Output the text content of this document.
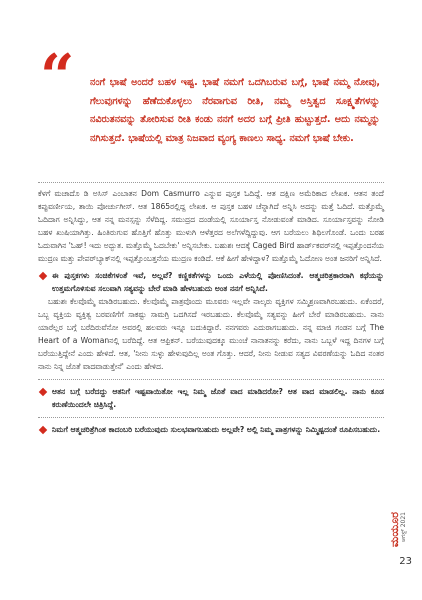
“ ನಂಗೆ ಭಾಷೆ ಅಂದರೆ ಬಹಳ ಇಷ್ಟ. ಭಾಷೆ ನಮಗೆ ಒದಗಿಬರುವ ಬಗ್ಗೆ, ಭಾಷೆ ನಮ್ಮ ನೋವು, ಗೆಲುವುಗಳನ್ನು ಹೆಣೆದುಕೊಳ್ಳಲು ನೆರವಾಗುವ ರೀತಿ, ನಮ್ಮ ಅಸ್ತಿತ್ವದ ಸೂಕ್ಷ್ಮತೆಗಳನ್ನು ನವಿರುತನವನ್ನು ತೋರಿಸುವ ರೀತಿ ಕಂಡು ನನಗೆ ಅದರ ಬಗ್ಗೆ ಪ್ರೀತಿ ಹುಟ್ಟುತ್ತದೆ. ಆದು ನಮ್ಮನ್ನು ನಗಿಸುತ್ತದೆ. ಭಾಷೆಯಲ್ಲಿ ಮಾತ್ರ ನಿಜವಾದ ವ್ಯಂಗ್ಯ ಕಾಣಲು ಸಾಧ್ಯ. ನಮಗೆ ಭಾಷೆ ಬೇಕು.

ಕೆಳಗೆ ಮಚಾದೊ ಡಿ ಅಸಿಸ್ ಎಂಬಾತನ Dom Casmurro ಎನ್ನುವ ಪುಸ್ತಕ ಓದಿದ್ದೆ. ಆತ ದಕ್ಷಿಣ ಅಮೆರಿಕಾದ ಲೇಖಕ. ಆತನ ತಂದೆ ಕಪ್ಪುವರ್ಣೀಯ, ತಾಯಿ ಪೋರ್ಚುಗೀಸ್. ಆತ 1865ರಲ್ಲಿದ್ದ ಲೇಖಕ. ಆ ಪುಸ್ತಕ ಬಹಳ ಚೆನ್ನಾಗಿದೆ ಅನ್ನಿಸಿ ಅದನ್ನು ಮತ್ತೆ ಓದಿದೆ. ಮತ್ತೊಮ್ಮೆ ಓದಿದಾಗ ಅನ್ನಿಸಿದ್ದು, ಆತ ನನ್ನ ಮನಸ್ಸನ್ನು ಸೆಳೆದಿದ್ದ. ಸಮುದ್ರದ ದಂಡೆಯಲ್ಲಿ ಸೂರ್ಯಾಸ್ತ ನೋಡುವಂತೆ ಮಾಡಿದ. ಸೂರ್ಯಾಸ್ತವನ್ನು ನೋಡಿ ಬಹಳ ಖುಷಿಯಾಗಿತ್ತು. ಹಿಂತಿರುಗುವ ಹೊತ್ತಿಗೆ ಹೊತ್ತು ಮುಳುಗಿ ಆಳೆತ್ತರದ ಅಲೆಗಳೆದ್ದಿದ್ದುವು. ಆಗ ಬರೆಯಲು ಶಿಥಿಲಗೊಂಡೆ. ಒಂದು ಬರಹ ಓದುವಾಗಿನ 'ಓಹ್! ಇದು ಅದ್ಭುತ. ಮತ್ತೊಮ್ಮೆ ಓದಬೇಕು' ಅನ್ನಿಸಬೇಕು. ಬಹುಶಃ ಆದಕ್ಕೆ Caged Bird ಹಾರ್ಡ್‌ಕವರ್‌ನಲ್ಲಿ ಇಪ್ಪತ್ತೊಂದನೆಯ ಮುದ್ರಣ ಮತ್ತು ಪೇಪರ್‌ಬ್ಯಾಕ್‌ನಲ್ಲಿ ಇಪ್ಪತ್ತೊಂಬತ್ತನೆಯ ಮುದ್ರಣ ಕಂಡಿದೆ. ಆಕೆ ಹೀಗೆ ಹೇಳಿದ್ದಾಳ? ಮತ್ತೊಮ್ಮೆ ಓದೋಣ ಅಂತ ಜನರಿಗೆ ಅನ್ನಿಸಿದೆ.

ಈ ಪುಸ್ತಕಗಳು ಸಂಚಿಕೆಗಳಂತೆ ಇವೆ, ಅಲ್ಲವೆ? ಕಣ್ಣಿಕತೆಗಳನ್ನು ಒಂದು ಎಳೆಯಲ್ಲಿ ಪೋಣಿಸಿದಂತೆ. ಆತ್ಮಚರಿತ್ರಕಾರರಾಗಿ ಕಥೆಯನ್ನು ಉತ್ತಮಗೊಳಿಸುವ ಸಲುವಾಗಿ ಸತ್ಯವನ್ನು ಬೇರೆ ಮಾಡಿ ಹೇಳಬಹುದು ಅಂತ ನನಗೆ ಅನ್ನಿಸಿದೆ.

ಬಹುಶಃ ಕೆಲವೊಮ್ಮೆ ಮಾಡಿರಬಹುದು. ಕೆಲವೊಮ್ಮೆ ಪಾತ್ರವೊಂದು ಮೂವರು ಇಲ್ಲವೇ ನಾಲ್ಕರು ವ್ಯಕ್ತಿಗಳ ಸಮ್ಮಿಶ್ರಣವಾಗಿರಬಹುದು. ಏಕೆಂದರೆ, ಒಬ್ಬ ವ್ಯಕ್ತಿಯ ವ್ಯಕ್ತಿತ್ವ ಬರವಣಿಗೆಗೆ ಸಾಕಷ್ಟು ಸಾಮಗ್ರಿ ಒದಗಿಸದೆ ಇರಬಹುದು. ಕೆಲವೊಮ್ಮೆ ಸತ್ಯವನ್ನು ಹೀಗೆ ಬೇರೆ ಮಾಡಿರಬಹುದು. ನಾನು ಯಾರೆಲ್ಲರ ಬಗ್ಗೆ ಬರೆದಿರುವೆನೋ ಅವರಲ್ಲಿ ಹಲವರು ಇನ್ನೂ ಬದುಕಿದ್ದಾರೆ. ನನಗವರು ಎದುರಾಗಬಹುದು. ನನ್ನ ಮಾಜಿ ಗಂಡನ ಬಗ್ಗೆ The Heart of a Womanನಲ್ಲಿ ಬರೆದಿದ್ದೆ. ಆತ ಆಫ್ರಿಕನ್. ಬರೆಯುವುದಕ್ಕೂ ಮುಂಚೆ ನಾನಾತನನ್ನು ಕರೆದು, ನಾನು ಒಬ್ಬಳೆ ಇದ್ದ ದಿನಗಳ ಬಗ್ಗೆ ಬರೆಯುತ್ತಿದ್ದೇನೆ ಎಂದು ಹೇಳಿದೆ. ಆತ, 'ನೀನು ಸುಳ್ಳು ಹೇಳುವುದಿಲ್ಲ ಅಂತ ಗೊತ್ತು. ಆದರೆ, ನೀನು ನೀಡುವ ಸತ್ಯದ ವಿವರಣೆಯನ್ನು ಓದಿದ ನಂತರ ನಾನು ನಿನ್ನ ಜೊತೆ ವಾದವಾಡುತ್ತೇನೆ' ಎಂದು ಹೇಳಿದ.

ಆತನ ಬಗ್ಗೆ ಬರೆದದ್ದು ಆತನಿಗೆ ಇಷ್ಟವಾಯಿತೋ ಇಲ್ಲ ನಿಮ್ಮ ಜೊತೆ ವಾದ ಮಾಡಿದರೋ? ಆತ ವಾದ ಮಾಡಲಿಲ್ಲ. ನಾನು ಕೂಡ ಕರುಣೆಯಿಂದಲೇ ಚಿತ್ರಿಸಿದ್ದೆ.

ನಿಮಗೆ ಆತ್ಮಚರಿತ್ರೆಗಿಂತ ಕಾದಂಬರಿ ಬರೆಯುವುದು ಸುಲಭವಾಗಬಹುದು ಅಲ್ಲವೇ? ಅಲ್ಲಿ ನಿಮ್ಮ ಪಾತ್ರಗಳನ್ನು ನಿಮ್ಮಿಷ್ಟದಂತೆ ರೂಪಿಸಬಹುದು.

ಮಯೂರ ಆಗಸ್ಟ್ 2021
23
